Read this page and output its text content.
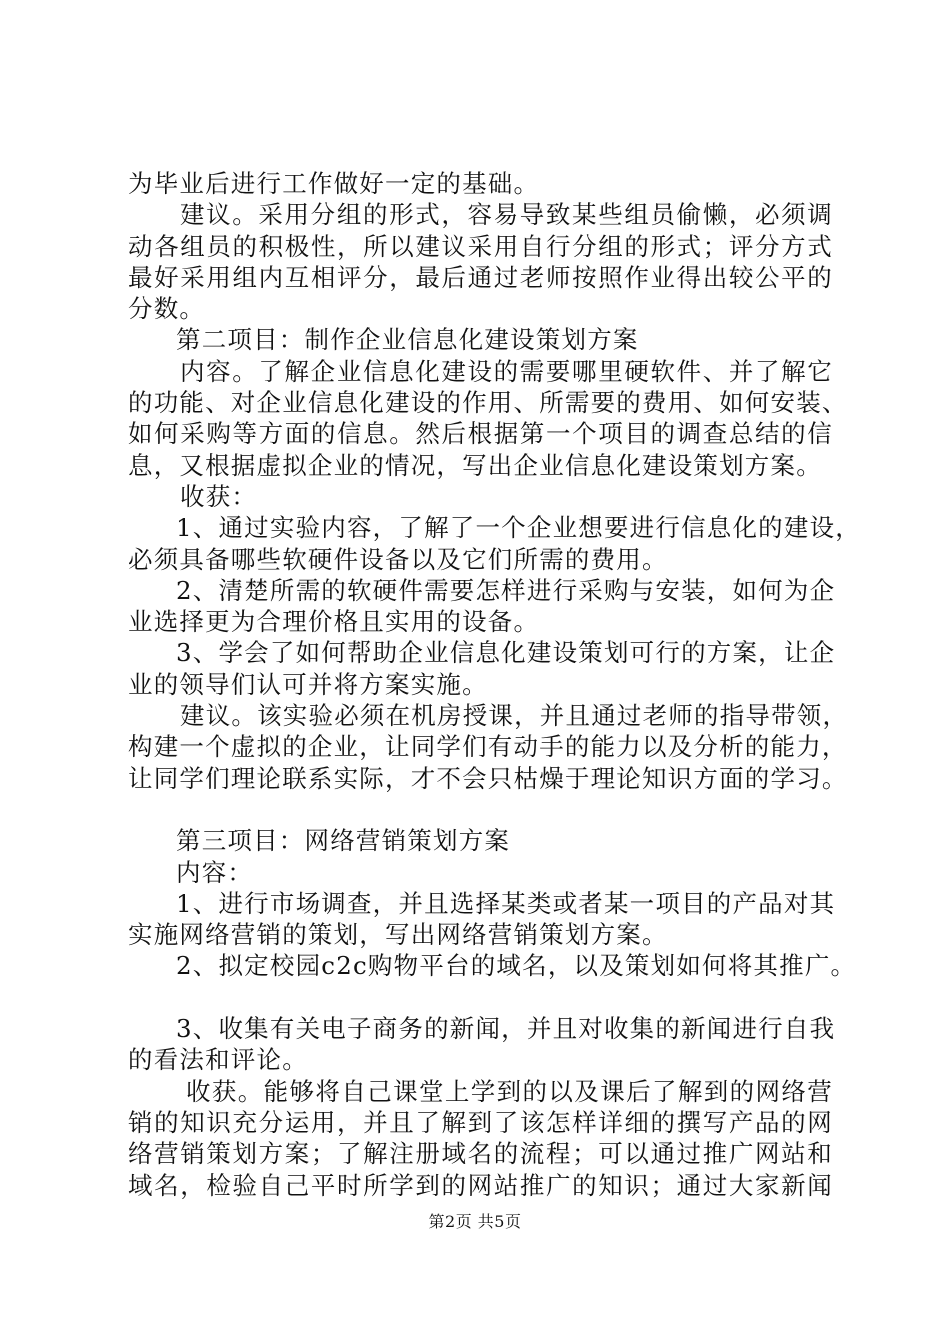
为毕业后进行工作做好一定的基础。
建议。采用分组的形式，容易导致某些组员偷懒，必须调
动各组员的积极性，所以建议采用自行分组的形式；评分方式
最好采用组内互相评分，最后通过老师按照作业得出较公平的
分数。
第二项目：制作企业信息化建设策划方案
内容。了解企业信息化建设的需要哪里硬软件、并了解它
的功能、对企业信息化建设的作用、所需要的费用、如何安装、
如何采购等方面的信息。然后根据第一个项目的调查总结的信
息，又根据虚拟企业的情况，写出企业信息化建设策划方案。
收获：
1、通过实验内容，了解了一个企业想要进行信息化的建设，
必须具备哪些软硬件设备以及它们所需的费用。
2、清楚所需的软硬件需要怎样进行采购与安装，如何为企
业选择更为合理价格且实用的设备。
3、学会了如何帮助企业信息化建设策划可行的方案，让企
业的领导们认可并将方案实施。
建议。该实验必须在机房授课，并且通过老师的指导带领，
构建一个虚拟的企业，让同学们有动手的能力以及分析的能力，
让同学们理论联系实际，才不会只枯燥于理论知识方面的学习。
第三项目：网络营销策划方案
内容：
1、进行市场调查，并且选择某类或者某一项目的产品对其
实施网络营销的策划，写出网络营销策划方案。
2、拟定校园c2c购物平台的域名，以及策划如何将其推广。
3、收集有关电子商务的新闻，并且对收集的新闻进行自我
的看法和评论。
收获。能够将自己课堂上学到的以及课后了解到的网络营
销的知识充分运用，并且了解到了该怎样详细的撰写产品的网
络营销策划方案；了解注册域名的流程；可以通过推广网站和
域名，检验自己平时所学到的网站推广的知识；通过大家新闻
第2页 共5页
